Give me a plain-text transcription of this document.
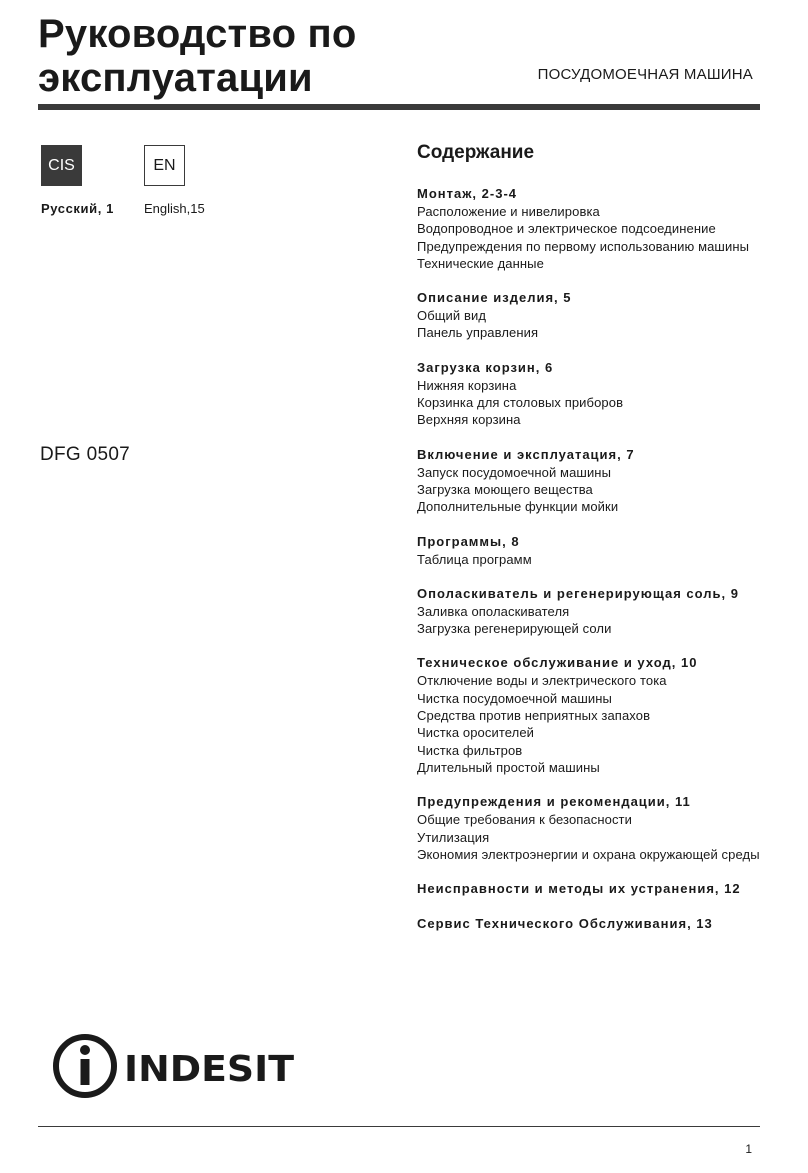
Руководство по
эксплуатации	ПОСУДОМОЕЧНАЯ МАШИНА
CIS	EN
Русский, 1 English,15
DFG 0507
Содержание
Монтаж, 2-3-4
Расположение и нивелировка
Водопроводное и электрическое подсоединение
Предупреждения по первому использованию машины
Технические данные
Описание изделия, 5
Общий вид
Панель управления
Загрузка корзин, 6
Нижняя корзина
Корзинка для столовых приборов
Верхняя корзина
Включение и эксплуатация, 7
Запуск посудомоечной машины
Загрузка моющего вещества
Дополнительные функции мойки
Программы, 8
Таблица программ
Ополаскиватель и регенерирующая соль, 9
Заливка ополаскивателя
Загрузка регенерирующей соли
Техническое обслуживание и уход, 10
Отключение воды и электрического тока
Чистка посудомоечной машины
Средства против неприятных запахов
Чистка оросителей
Чистка фильтров
Длительный простой машины
Предупреждения и рекомендации, 11
Общие требования к безопасности
Утилизация
Экономия электроэнергии и охрана окружающей среды
Неисправности и методы их устранения, 12
Сервис Технического Обслуживания, 13
INDESIT
1
